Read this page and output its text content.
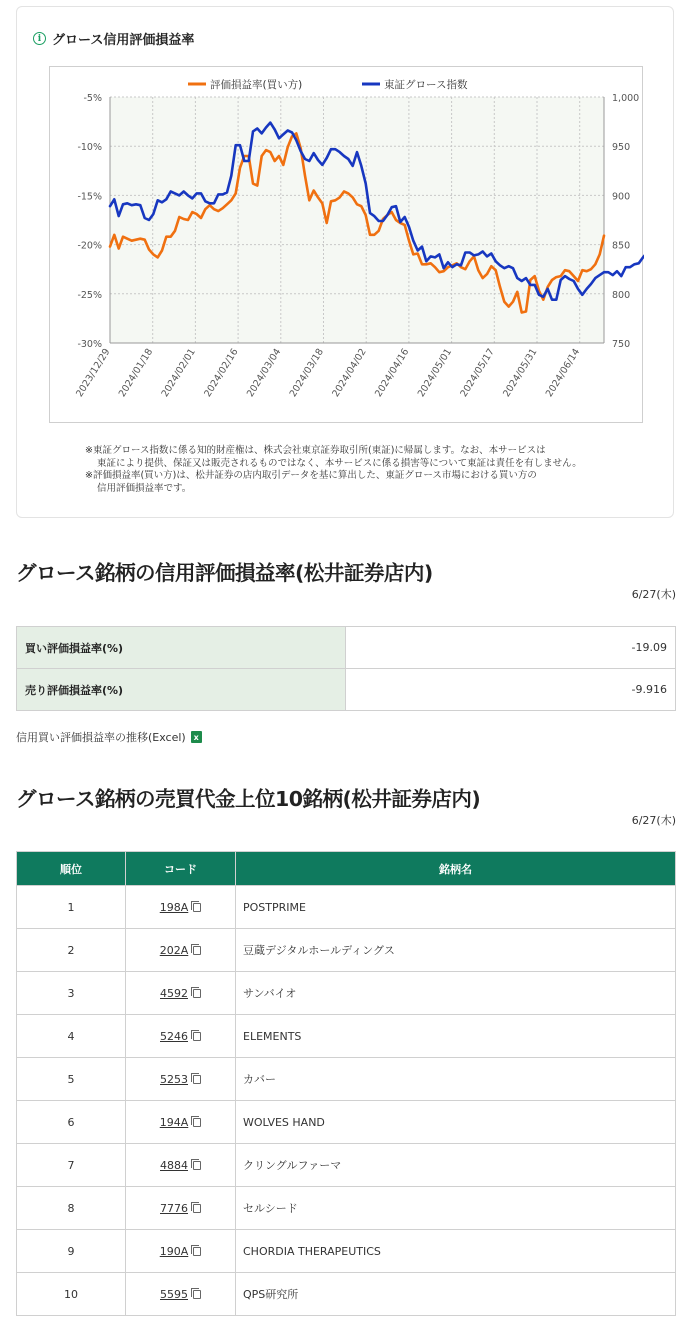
i グロース信用評価損益率
-5%	1,000
-10%	950
-15%	900
-20%	850
-25%	800
-30%	750
2023/12/29 2024/01/18 2024/02/01 2024/02/16 2024/03/04 2024/03/18 2024/04/02 2024/04/16 2024/05/01 2024/05/17 2024/05/31 2024/06/14
評価損益率(買い方)	東証グロース指数
※東証グロース指数に係る知的財産権は、株式会社東京証券取引所(東証)に帰属します。なお、本サービスは
東証により提供、保証又は販売されるものではなく、本サービスに係る損害等について東証は責任を有しません。
※評価損益率(買い方)は、松井証券の店内取引データを基に算出した、東証グロース市場における買い方の
信用評価損益率です。
グロース銘柄の信用評価損益率(松井証券店内)
6/27(木)
買い評価損益率(%)	-19.09
売り評価損益率(%)	-9.916
信用買い評価損益率の推移(Excel) x
グロース銘柄の売買代金上位10銘柄(松井証券店内)
6/27(木)
順位	コード	銘柄名
1	198A	POSTPRIME
2	202A	豆蔵デジタルホールディングス
3	4592	サンバイオ
4	5246	ELEMENTS
5	5253	カバー
6	194A	WOLVES HAND
7	4884	クリングルファーマ
8	7776	セルシード
9	190A	CHORDIA THERAPEUTICS
10	5595	QPS研究所
